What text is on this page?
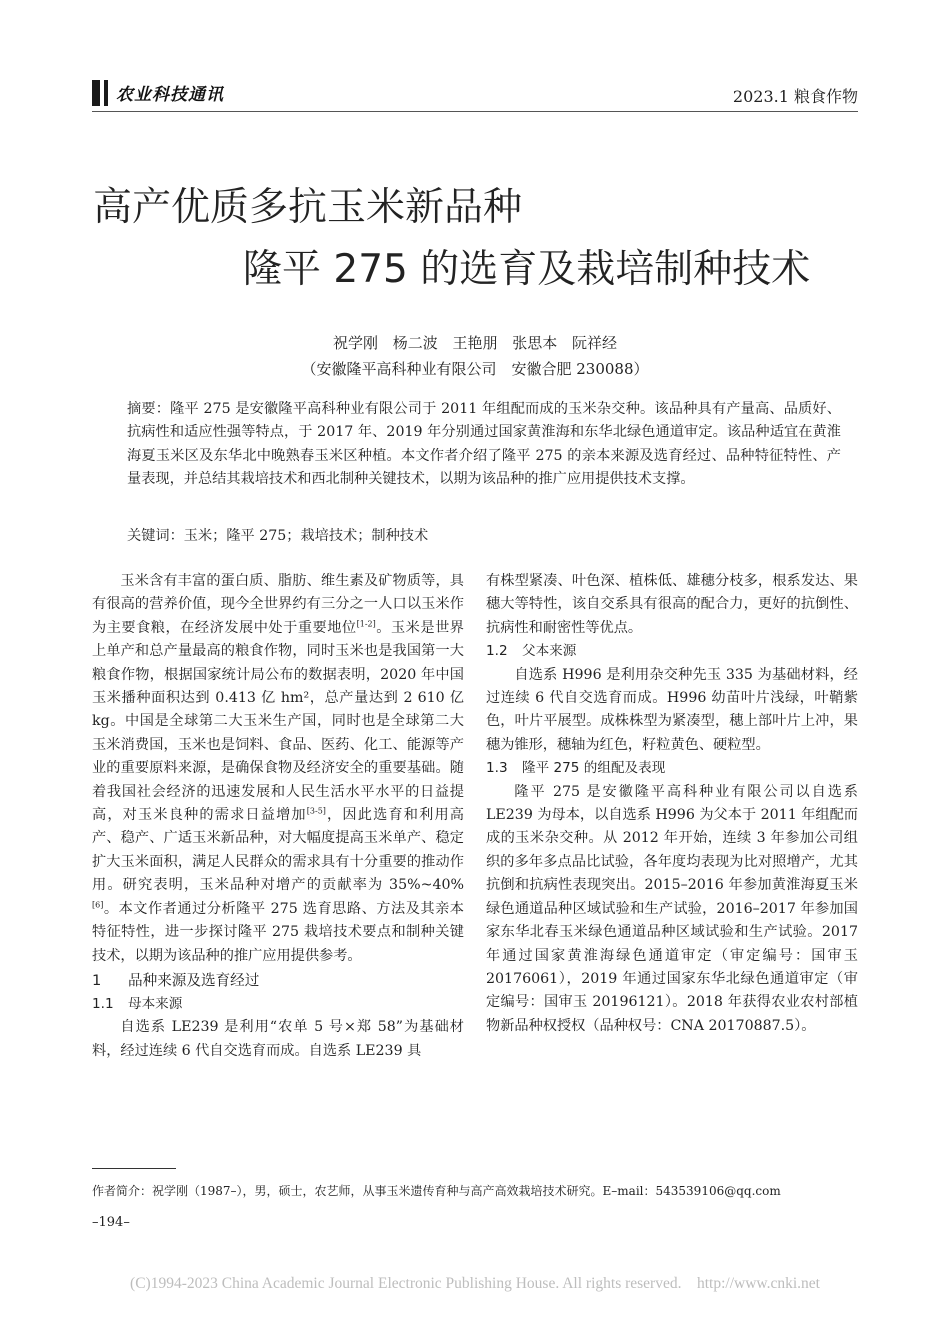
农业科技通讯	2023.1 粮食作物
高产优质多抗玉米新品种
隆平 275 的选育及栽培制种技术
祝学刚 杨二波 王艳朋 张思本 阮祥经
（安徽隆平高科种业有限公司　安徽合肥 230088）
摘要：隆平 275 是安徽隆平高科种业有限公司于 2011 年组配而成的玉米杂交种。该品种具有产量高、品质好、抗病性和适应性强等特点，于 2017 年、2019 年分别通过国家黄淮海和东华北绿色通道审定。该品种适宜在黄淮海夏玉米区及东华北中晚熟春玉米区种植。本文作者介绍了隆平 275 的亲本来源及选育经过、品种特征特性、产量表现，并总结其栽培技术和西北制种关键技术，以期为该品种的推广应用提供技术支撑。
关键词：玉米；隆平 275；栽培技术；制种技术

玉米含有丰富的蛋白质、脂肪、维生素及矿物质等，具有很高的营养价值，现今全世界约有三分之一人口以玉米作为主要食粮，在经济发展中处于重要地位[1-2]。玉米是世界上单产和总产量最高的粮食作物，同时玉米也是我国第一大粮食作物，根据国家统计局公布的数据表明，2020 年中国玉米播种面积达到 0.413 亿 hm²，总产量达到 2 610 亿 kg。中国是全球第二大玉米生产国，同时也是全球第二大玉米消费国，玉米也是饲料、食品、医药、化工、能源等产业的重要原料来源，是确保食物及经济安全的重要基础。随着我国社会经济的迅速发展和人民生活水平水平的日益提高，对玉米良种的需求日益增加[3-5]，因此选育和利用高产、稳产、广适玉米新品种，对大幅度提高玉米单产、稳定扩大玉米面积，满足人民群众的需求具有十分重要的推动作用。研究表明，玉米品种对增产的贡献率为 35%~40%[6]。本文作者通过分析隆平 275 选育思路、方法及其亲本特征特性，进一步探讨隆平 275 栽培技术要点和制种关键技术，以期为该品种的推广应用提供参考。

1 品种来源及选育经过

1.1 母本来源

自选系 LE239 是利用“农单 5 号×郑 58”为基础材料，经过连续 6 代自交选育而成。自选系 LE239 具

有株型紧凑、叶色深、植株低、雄穗分枝多，根系发达、果穗大等特性，该自交系具有很高的配合力，更好的抗倒性、抗病性和耐密性等优点。

1.2 父本来源

自选系 H996 是利用杂交种先玉 335 为基础材料，经过连续 6 代自交选育而成。H996 幼苗叶片浅绿，叶鞘紫色，叶片平展型。成株株型为紧凑型，穗上部叶片上冲，果穗为锥形，穗轴为红色，籽粒黄色、硬粒型。

1.3 隆平 275 的组配及表现

隆平 275 是安徽隆平高科种业有限公司以自选系 LE239 为母本，以自选系 H996 为父本于 2011 年组配而成的玉米杂交种。从 2012 年开始，连续 3 年参加公司组织的多年多点品比试验，各年度均表现为比对照增产，尤其抗倒和抗病性表现突出。2015–2016 年参加黄淮海夏玉米绿色通道品种区域试验和生产试验，2016–2017 年参加国家东华北春玉米绿色通道品种区域试验和生产试验。2017 年通过国家黄淮海绿色通道审定（审定编号：国审玉 20176061），2019 年通过国家东华北绿色通道审定（审定编号：国审玉 20196121）。2018 年获得农业农村部植物新品种权授权（品种权号：CNA 20170887.5）。

作者简介：祝学刚（1987–），男，硕士，农艺师，从事玉米遗传育种与高产高效栽培技术研究。E–mail：543539106@qq.com
–194–
(C)1994-2023 China Academic Journal Electronic Publishing House. All rights reserved.　http://www.cnki.net
